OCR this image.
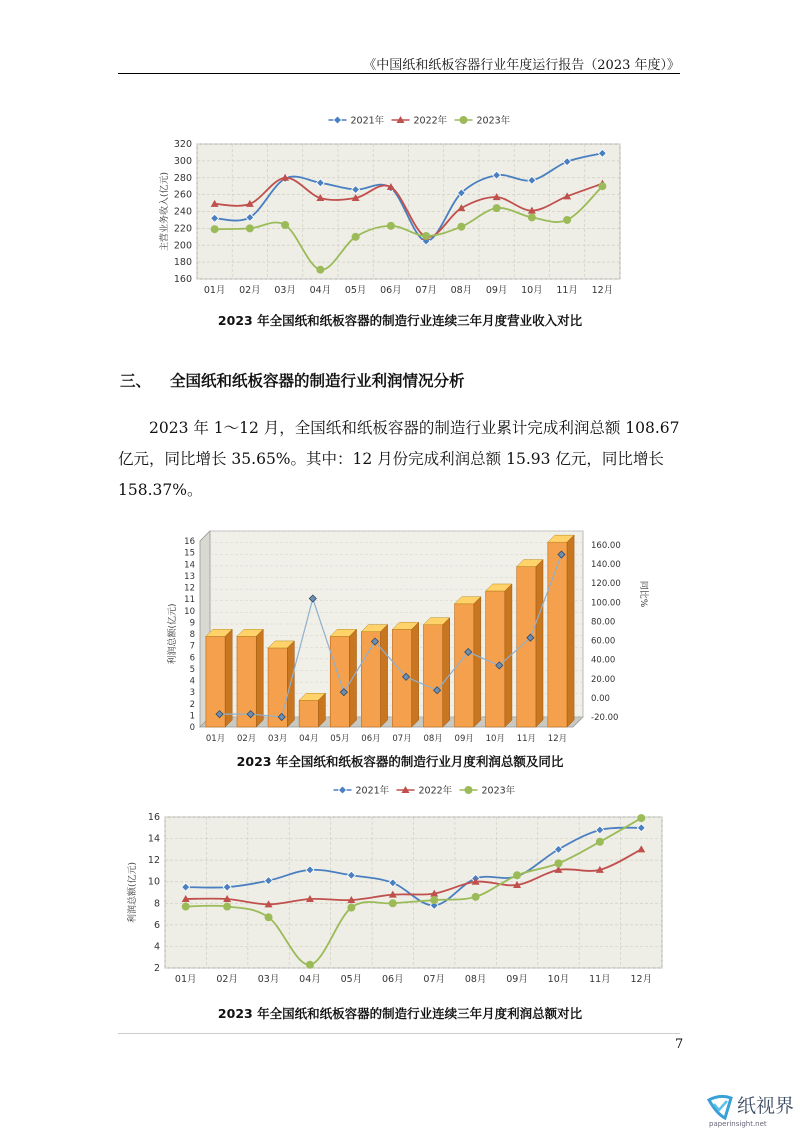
《中国纸和纸板容器行业年度运行报告（2023 年度）》
160
180
200
220
240
260
280
300
320
01月 02月 03月 04月 05月 06月 07月 08月 09月 10月 11月 12月
主营业务收入(亿元)
2021年	2022年	2023年
2023 年全国纸和纸板容器的制造行业连续三年月度营业收入对比
三、 全国纸和纸板容器的制造行业利润情况分析
2023 年 1～12 月，全国纸和纸板容器的制造行业累计完成利润总额 108.67 亿元，同比增长 35.65%。其中：12 月份完成利润总额 15.93 亿元，同比增长 158.37%。
0
1
2
3
4
5
6
7
8
9
10
11
12
13
14
15
16
利润总额(亿元)
-20.00
0.00
20.00
40.00
60.00
80.00
100.00
120.00
140.00
160.00
同比%
01月 02月 03月 04月 05月 06月 07月 08月 09月 10月 11月 12月
2023 年全国纸和纸板容器的制造行业月度利润总额及同比
2
4
6
8
10
12
14
16
01月 02月 03月 04月 05月 06月 07月 08月 09月 10月 11月 12月
利润总额(亿元)
2021年	2022年	2023年
2023 年全国纸和纸板容器的制造行业连续三年月度利润总额对比
7
纸视界
paperinsight.net
